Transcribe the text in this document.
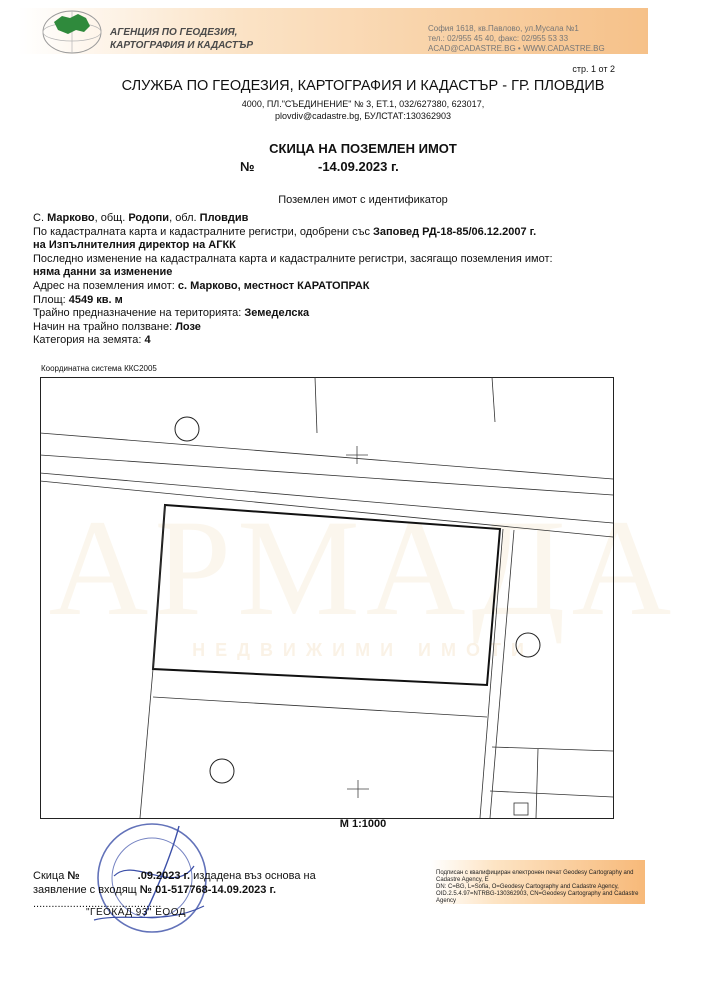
АГЕНЦИЯ ПО ГЕОДЕЗИЯ,
КАРТОГРАФИЯ И КАДАСТЪР
София 1618, кв.Павлово, ул.Мусала №1
тел.: 02/955 45 40, факс: 02/955 53 33
ACAD@CADASTRE.BG • WWW.CADASTRE.BG
стр. 1 от 2
СЛУЖБА ПО ГЕОДЕЗИЯ, КАРТОГРАФИЯ И КАДАСТЪР - ГР. ПЛОВДИВ
4000, ПЛ."СЪЕДИНЕНИЕ" № 3, ЕТ.1, 032/627380, 623017,
plovdiv@cadastre.bg, БУЛСТАТ:130362903
СКИЦА НА ПОЗЕМЛЕН ИМОТ
№	-14.09.2023 г.
Поземлен имот с идентификатор
С. Марково, общ. Родопи, обл. Пловдив
По кадастралната карта и кадастралните регистри, одобрени със Заповед РД-18-85/06.12.2007 г.
на Изпълнителния директор на АГКК
Последно изменение на кадастралната карта и кадастралните регистри, засягащо поземления имот:
няма данни за изменение
Адрес на поземления имот: с. Марково, местност КАРАТОПРАК
Площ: 4549 кв. м
Трайно предназначение на територията: Земеделска
Начин на трайно ползване: Лозе
Категория на земята: 4
АРМАДА
НЕДВИЖИМИ ИМОТИ
Координатна система ККС2005
М 1:1000
Скица №	.09.2023 г. издадена въз основа на
заявление с входящ № 01-517768-14.09.2023 г.
..........................................
"ГЕОКАД 93" ЕООД
Подписан с квалифициран електронен печат Geodesy Cartography and Cadastre Agency, E
DN: C=BG, L=Sofia, O=Geodesy Cartography and Cadastre Agency, OID.2.5.4.97=NTRBG-130362903, CN=Geodesy Cartography and Cadastre Agency
